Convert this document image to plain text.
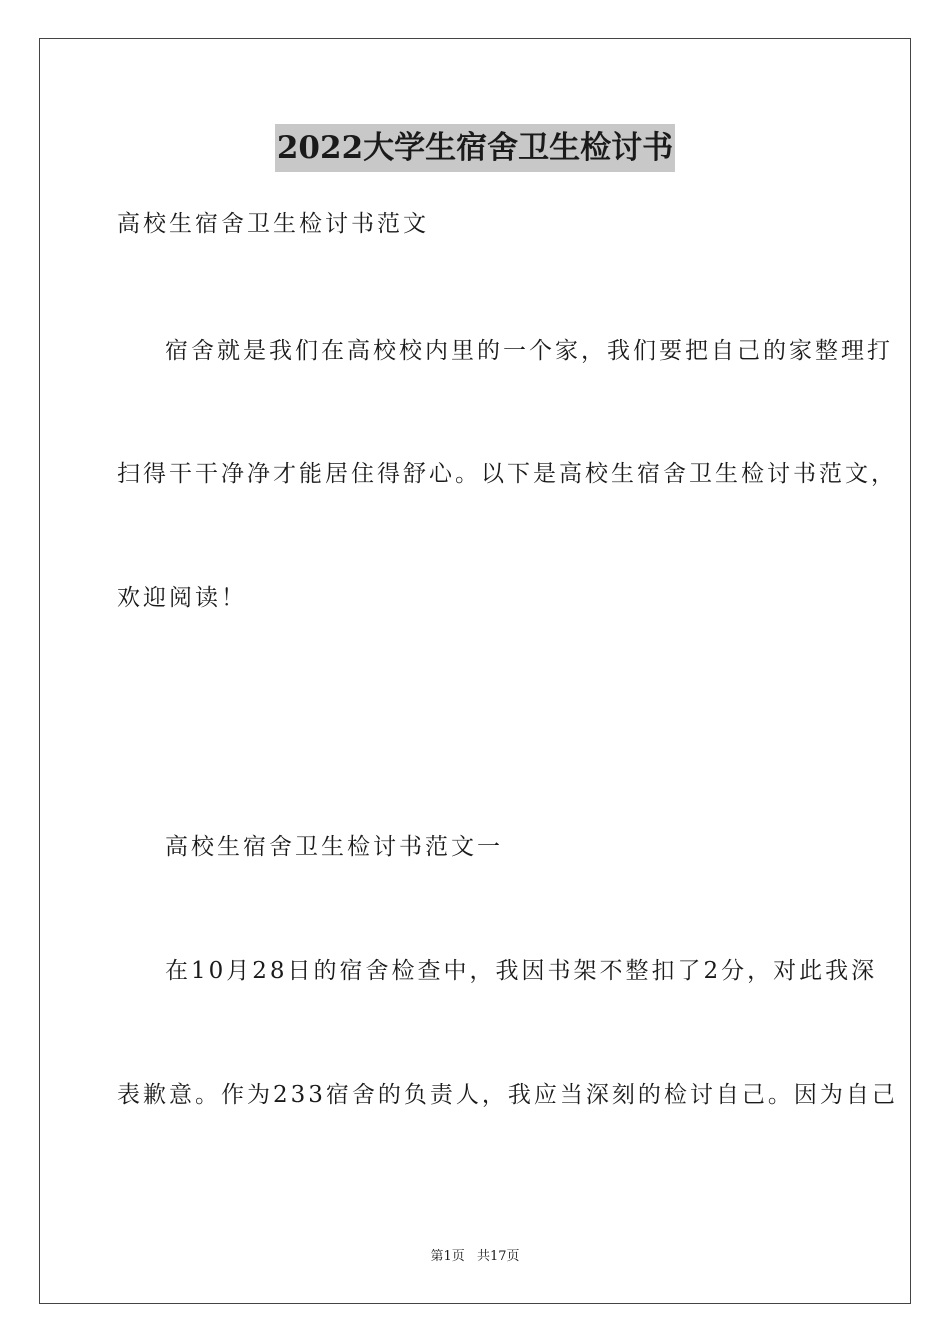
2022大学生宿舍卫生检讨书
高校生宿舍卫生检讨书范文
宿舍就是我们在高校校内里的一个家，我们要把自己的家整理打
扫得干干净净才能居住得舒心。以下是高校生宿舍卫生检讨书范文，
欢迎阅读！
高校生宿舍卫生检讨书范文一
在10月28日的宿舍检查中，我因书架不整扣了2分，对此我深
表歉意。作为233宿舍的负责人，我应当深刻的检讨自己。因为自己
第1页 共17页
